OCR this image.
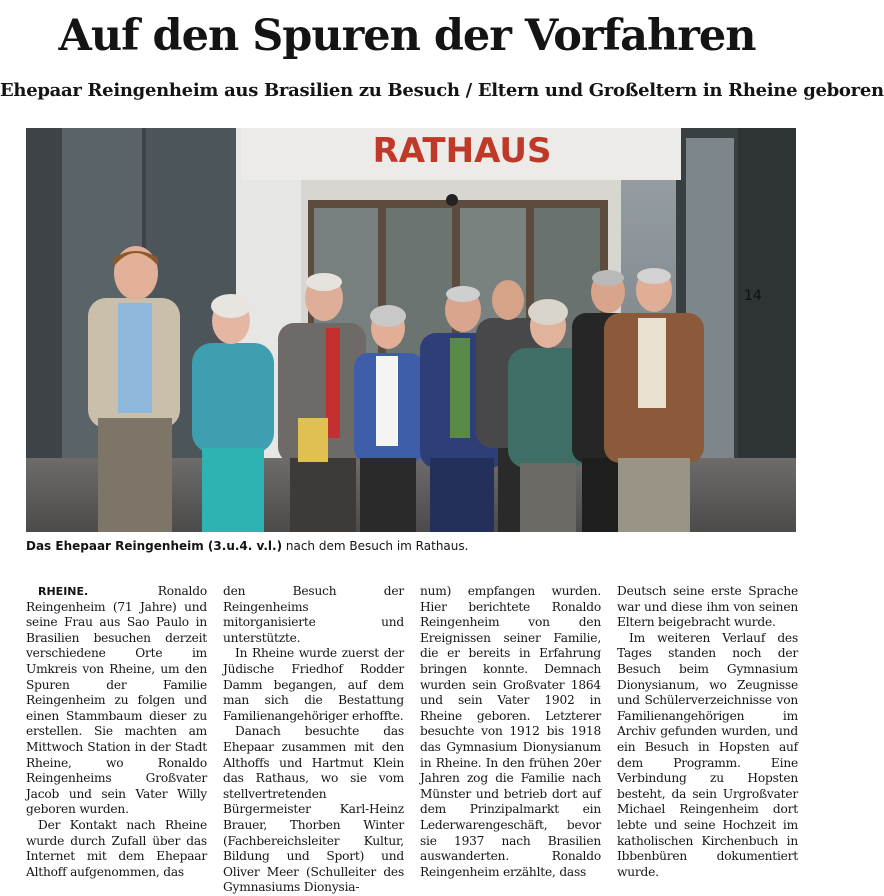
Auf den Spuren der Vorfahren
Ehepaar Reingenheim aus Brasilien zu Besuch / Eltern und Großeltern in Rheine geboren
RATHAUS
14
Das Ehepaar Reingenheim (3.u.4. v.l.) nach dem Besuch im Rathaus.

RHEINE. Ronaldo Reingenheim (71 Jahre) und seine Frau aus Sao Paulo in Brasilien besuchen derzeit verschiedene Orte im Umkreis von Rheine, um den Spuren der Familie Reingenheim zu folgen und einen Stammbaum dieser zu erstellen. Sie machten am Mittwoch Station in der Stadt Rheine, wo Ronaldo Reingenheims Großvater Jacob und sein Vater Willy geboren wurden.

Der Kontakt nach Rheine wurde durch Zufall über das Internet mit dem Ehepaar Althoff aufgenommen, das

den Besuch der Reingenheims mitorganisierte und unterstützte.

In Rheine wurde zuerst der Jüdische Friedhof Rodder Damm begangen, auf dem man sich die Bestattung Familienangehöriger erhoffte.

Danach besuchte das Ehepaar zusammen mit den Althoffs und Hartmut Klein das Rathaus, wo sie vom stellvertretenden Bürgermeister Karl-Heinz Brauer, Thorben Winter (Fachbereichsleiter Kultur, Bildung und Sport) und Oliver Meer (Schulleiter des Gymnasiums Dionysia-

num) empfangen wurden. Hier berichtete Ronaldo Reingenheim von den Ereignissen seiner Familie, die er bereits in Erfahrung bringen konnte. Demnach wurden sein Großvater 1864 und sein Vater 1902 in Rheine geboren. Letzterer besuchte von 1912 bis 1918 das Gymnasium Dionysianum in Rheine. In den frühen 20er Jahren zog die Familie nach Münster und betrieb dort auf dem Prinzipalmarkt ein Lederwarengeschäft, bevor sie 1937 nach Brasilien auswanderten. Ronaldo Reingenheim erzählte, dass

Deutsch seine erste Sprache war und diese ihm von seinen Eltern beigebracht wurde.

Im weiteren Verlauf des Tages standen noch der Besuch beim Gymnasium Dionysianum, wo Zeugnisse und Schülerverzeichnisse von Familienangehörigen im Archiv gefunden wurden, und ein Besuch in Hopsten auf dem Programm. Eine Verbindung zu Hopsten besteht, da sein Urgroßvater Michael Reingenheim dort lebte und seine Hochzeit im katholischen Kirchenbuch in Ibbenbüren dokumentiert wurde.
